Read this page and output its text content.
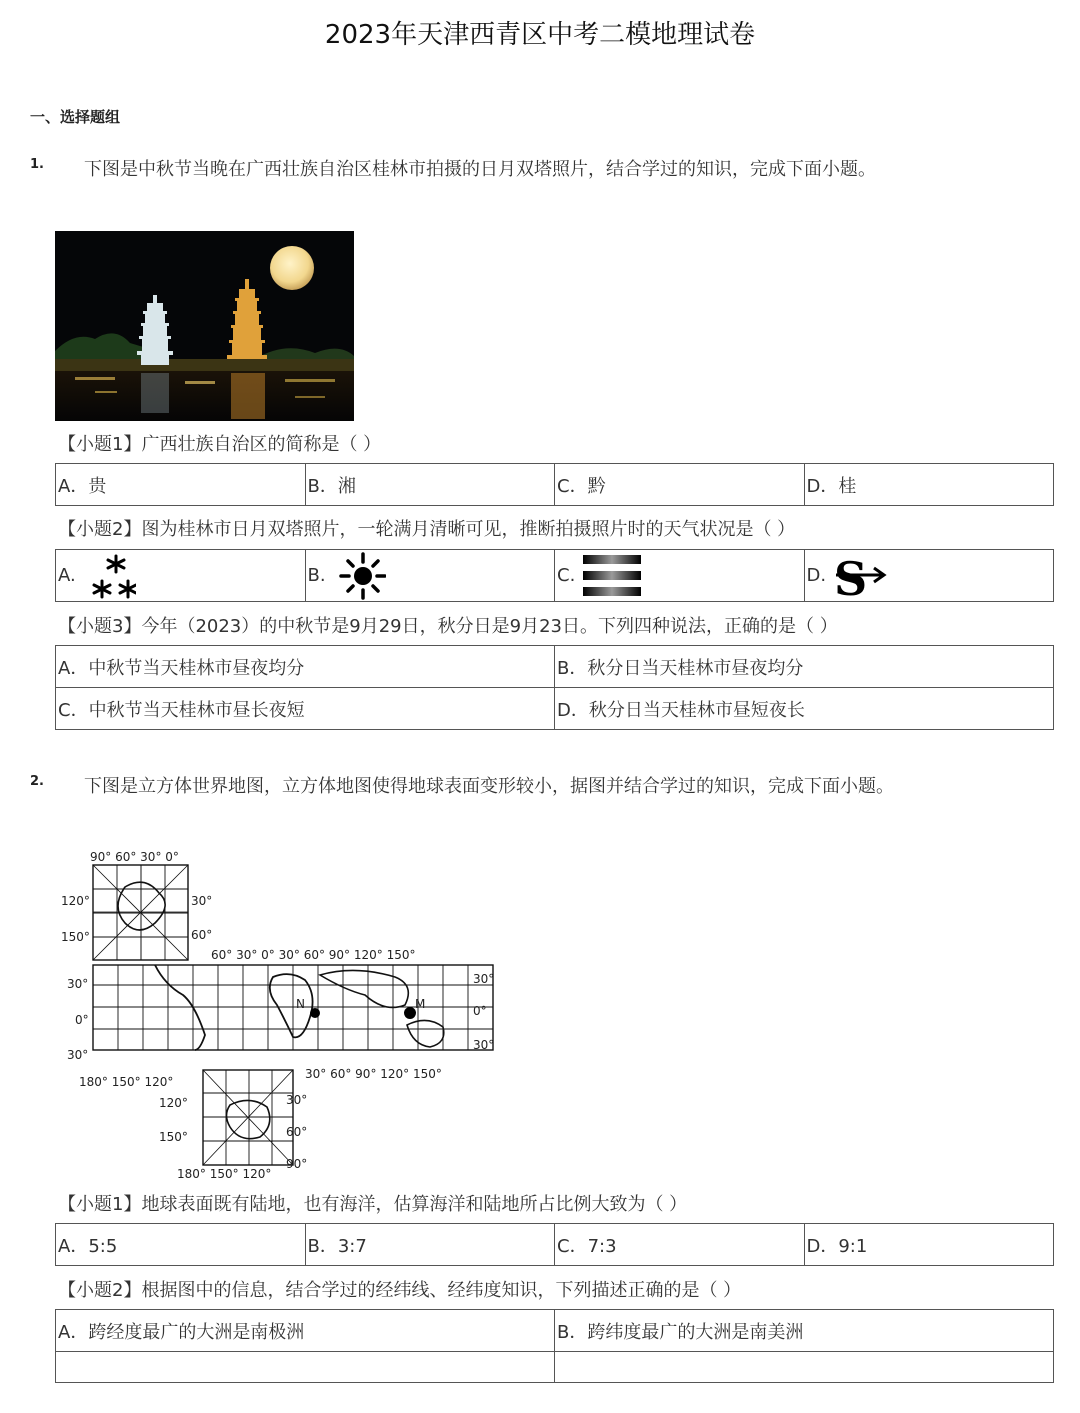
2023年天津西青区中考二模地理试卷
一、选择题组
1. 下图是中秋节当晚在广西壮族自治区桂林市拍摄的日月双塔照片，结合学过的知识，完成下面小题。
【小题1】广西壮族自治区的简称是（ ）
A．贵	B．湘	C．黔	D．桂
【小题2】图为桂林市日月双塔照片，一轮满月清晰可见，推断拍摄照片时的天气状况是（ ）
A.	B.	C.	D. S
【小题3】今年（2023）的中秋节是9月29日，秋分日是9月23日。下列四种说法，正确的是（ ）
A．中秋节当天桂林市昼夜均分	B．秋分日当天桂林市昼夜均分
C．中秋节当天桂林市昼长夜短	D．秋分日当天桂林市昼短夜长
2. 下图是立方体世界地图，立方体地图使得地球表面变形较小，据图并结合学过的知识，完成下面小题。
90° 60° 30° 0°
120°
150°
30°
60°
60° 30° 0° 30° 60° 90° 120° 150°
30°
0°
30°
30°
0°
30°
180° 150° 120°
30° 60° 90° 120° 150°
120°
150°
30°
60°
90°
180° 150° 120°
N	M
【小题1】地球表面既有陆地，也有海洋，估算海洋和陆地所占比例大致为（ ）
A．5:5	B．3:7	C．7:3	D．9:1
【小题2】根据图中的信息，结合学过的经纬线、经纬度知识，下列描述正确的是（ ）
A．跨经度最广的大洲是南极洲	B．跨纬度最广的大洲是南美洲
